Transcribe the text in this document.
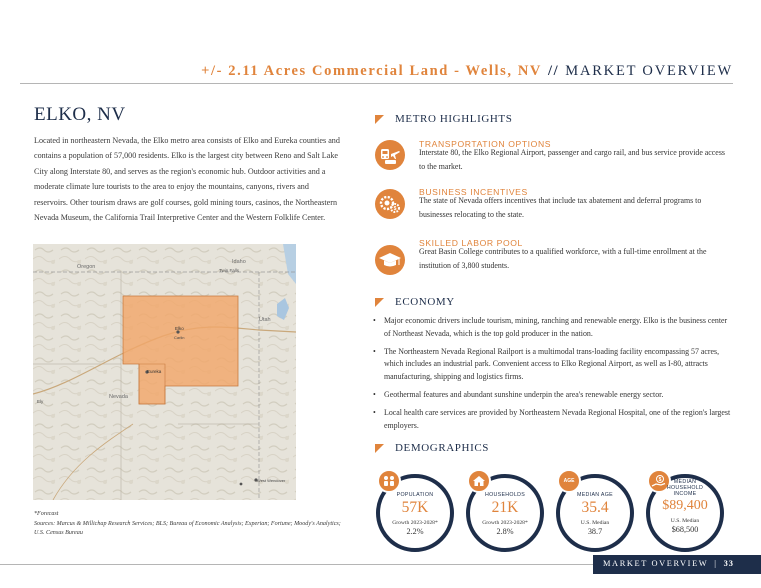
+/- 2.11 Acres Commercial Land - Wells, NV // MARKET OVERVIEW
ELKO, NV
Located in northeastern Nevada, the Elko metro area consists of Elko and Eureka counties and contains a population of 57,000 residents. Elko is the largest city between Reno and Salt Lake City along Interstate 80, and serves as the region's economic hub. Outdoor activities and a moderate climate lure tourists to the area to enjoy the mountains, canyons, rivers and reservoirs. Other tourism draws are golf courses, gold mining tours, casinos, the Northeastern Nevada Museum, the California Trail Interpretive Center and the Western Folklife Center.
Oregon
Idaho
Twin Falls
Utah
Elko
Carlin
Eureka
Nevada
Ely
West Wendover
*Forecast
Sources: Marcus & Millichap Research Services; BLS; Bureau of Economic Analysis; Experian; Fortune; Moody's Analytics; U.S. Census Bureau
METRO HIGHLIGHTS
TRANSPORTATION OPTIONS
Interstate 80, the Elko Regional Airport, passenger and cargo rail, and bus service provide access to the market.
$
BUSINESS INCENTIVES
The state of Nevada offers incentives that include tax abatement and deferral programs to businesses relocating to the state.
SKILLED LABOR POOL
Great Basin College contributes to a qualified workforce, with a full-time enrollment at the institution of 3,800 students.
ECONOMY
• Major economic drivers include tourism, mining, ranching and renewable energy. Elko is the business center of Northeast Nevada, which is the top gold producer in the nation.
• The Northeastern Nevada Regional Railport is a multimodal trans-loading facility encompassing 57 acres, which includes an industrial park. Convenient access to Elko Regional Airport, as well as I-80, attracts manufacturing, shipping and logistics firms.
• Geothermal features and abundant sunshine underpin the area's renewable energy sector.
• Local health care services are provided by Northeastern Nevada Regional Hospital, one of the region's largest employers.
DEMOGRAPHICS
POPULATION
57K
Growth 2023-2028*
2.2%
HOUSEHOLDS
21K
Growth 2023-2028*
2.8%
AGE
MEDIAN AGE
35.4
U.S. Median
38.7
$	MEDIAN
HOUSEHOLD
INCOME
$89,400
U.S. Median
$68,500
MARKET OVERVIEW | 33
